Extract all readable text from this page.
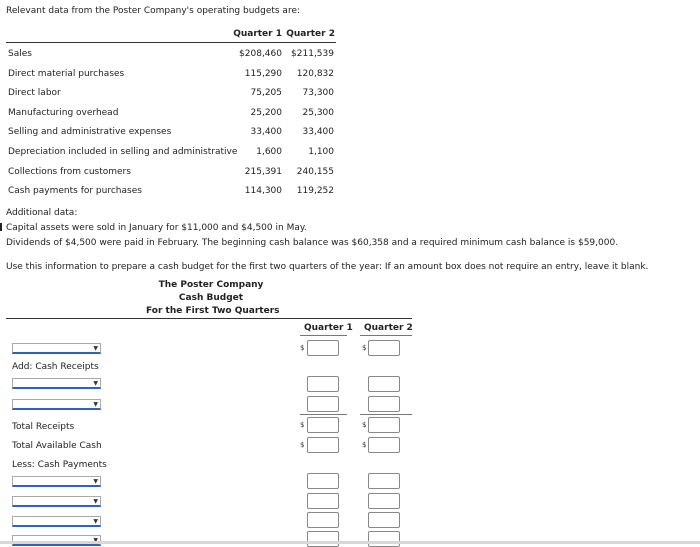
Relevant data from the Poster Company's operating budgets are:
Quarter 1 Quarter 2
Sales	$208,460	$211,539
Direct material purchases	115,290	120,832
Direct labor	75,205	73,300
Manufacturing overhead	25,200	25,300
Selling and administrative expenses	33,400	33,400
Depreciation included in selling and administrative	1,600	1,100
Collections from customers	215,391	240,155
Cash payments for purchases	114,300	119,252
Additional data:
Capital assets were sold in January for $11,000 and $4,500 in May.
Dividends of $4,500 were paid in February. The beginning cash balance was $60,358 and a required minimum cash balance is $59,000.
Use this information to prepare a cash budget for the first two quarters of the year: If an amount box does not require an entry, leave it blank.
The Poster Company
Cash Budget
For the First Two Quarters
Quarter 1 Quarter 2
▼	$	$
Add: Cash Receipts
▼
▼
Total Receipts	$	$
Total Available Cash	$	$
Less: Cash Payments
▼
▼
▼
